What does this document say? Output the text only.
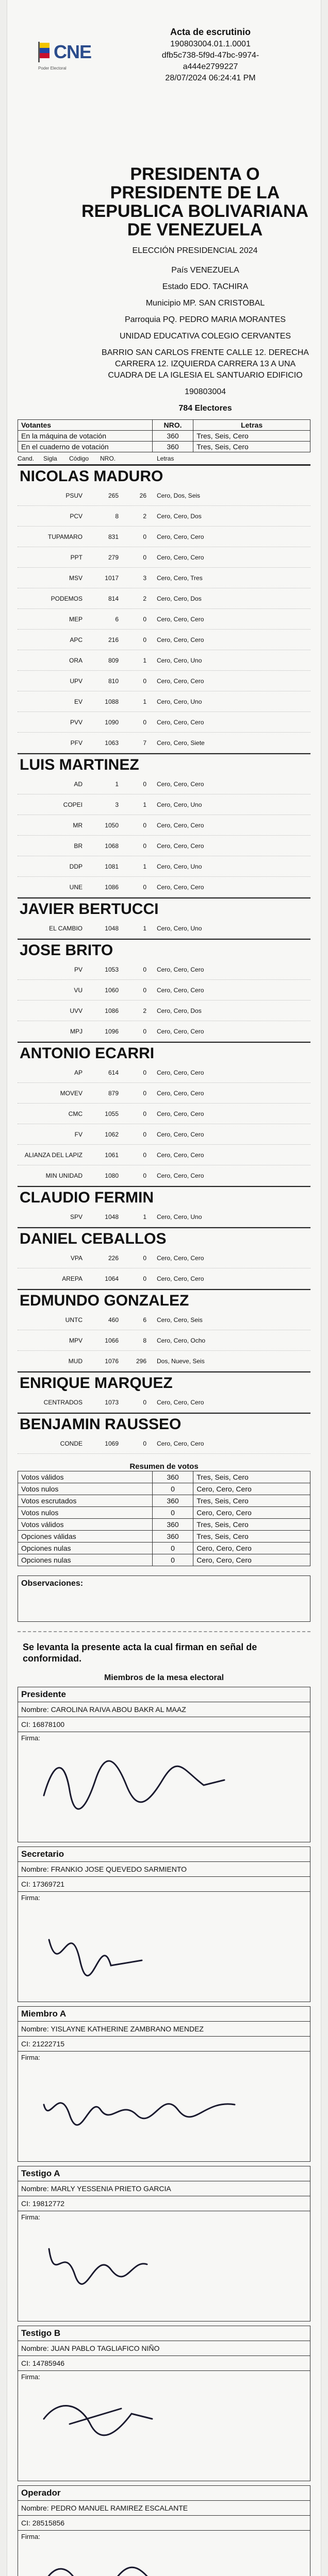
CNE
Poder Electoral
Acta de escrutinio
190803004.01.1.0001
dfb5c738-5f9d-47bc-9974-
a444e2799227
28/07/2024 06:24:41 PM
PRESIDENTA O PRESIDENTE DE LA REPUBLICA BOLIVARIANA DE VENEZUELA
ELECCIÓN PRESIDENCIAL 2024

País VENEZUELA

Estado EDO. TACHIRA

Municipio MP. SAN CRISTOBAL

Parroquia PQ. PEDRO MARIA MORANTES

UNIDAD EDUCATIVA COLEGIO CERVANTES

BARRIO SAN CARLOS FRENTE CALLE 12. DERECHA CARRERA 12. IZQUIERDA CARRERA 13 A UNA CUADRA DE LA IGLESIA EL SANTUARIO EDIFICIO

190803004

784 Electores

Votantes	NRO.	Letras
En la máquina de votación	360	Tres, Seis, Cero
En el cuaderno de votación	360	Tres, Seis, Cero
Cand.	Sigla	Código	NRO.	Letras
NICOLAS MADURO
PSUV	265	26	Cero, Dos, Seis
PCV	8	2	Cero, Cero, Dos
TUPAMARO	831	0	Cero, Cero, Cero
PPT	279	0	Cero, Cero, Cero
MSV	1017	3	Cero, Cero, Tres
PODEMOS	814	2	Cero, Cero, Dos
MEP	6	0	Cero, Cero, Cero
APC	216	0	Cero, Cero, Cero
ORA	809	1	Cero, Cero, Uno
UPV	810	0	Cero, Cero, Cero
EV	1088	1	Cero, Cero, Uno
PVV	1090	0	Cero, Cero, Cero
PFV	1063	7	Cero, Cero, Siete
LUIS MARTINEZ
AD	1	0	Cero, Cero, Cero
COPEI	3	1	Cero, Cero, Uno
MR	1050	0	Cero, Cero, Cero
BR	1068	0	Cero, Cero, Cero
DDP	1081	1	Cero, Cero, Uno
UNE	1086	0	Cero, Cero, Cero
JAVIER BERTUCCI
EL CAMBIO	1048	1	Cero, Cero, Uno
JOSE BRITO
PV	1053	0	Cero, Cero, Cero
VU	1060	0	Cero, Cero, Cero
UVV	1086	2	Cero, Cero, Dos
MPJ	1096	0	Cero, Cero, Cero
ANTONIO ECARRI
AP	614	0	Cero, Cero, Cero
MOVEV	879	0	Cero, Cero, Cero
CMC	1055	0	Cero, Cero, Cero
FV	1062	0	Cero, Cero, Cero
ALIANZA DEL LAPIZ	1061	0	Cero, Cero, Cero
MIN UNIDAD	1080	0	Cero, Cero, Cero
CLAUDIO FERMIN
SPV	1048	1	Cero, Cero, Uno
DANIEL CEBALLOS
VPA	226	0	Cero, Cero, Cero
AREPA	1064	0	Cero, Cero, Cero
EDMUNDO GONZALEZ
UNTC	460	6	Cero, Cero, Seis
MPV	1066	8	Cero, Cero, Ocho
MUD	1076	296	Dos, Nueve, Seis
ENRIQUE MARQUEZ
CENTRADOS	1073	0	Cero, Cero, Cero
BENJAMIN RAUSSEO
CONDE	1069	0	Cero, Cero, Cero
Resumen de votos
Votos válidos	360	Tres, Seis, Cero
Votos nulos	0	Cero, Cero, Cero
Votos escrutados	360	Tres, Seis, Cero
Votos nulos	0	Cero, Cero, Cero
Votos válidos	360	Tres, Seis, Cero
Opciones válidas	360	Tres, Seis, Cero
Opciones nulas	0	Cero, Cero, Cero
Opciones nulas	0	Cero, Cero, Cero
Observaciones:
Se levanta la presente acta la cual firman en señal de conformidad.
Miembros de la mesa electoral
Presidente
Nombre: CAROLINA RAIVA ABOU BAKR AL MAAZ
CI: 16878100
Firma:
Secretario
Nombre: FRANKIO JOSE QUEVEDO SARMIENTO
CI: 17369721
Firma:
Miembro A
Nombre: YISLAYNE KATHERINE ZAMBRANO MENDEZ
CI: 21222715
Firma:
Testigo A
Nombre: MARLY YESSENIA PRIETO GARCIA
CI: 19812772
Firma:
Testigo B
Nombre: JUAN PABLO TAGLIAFICO NIÑO
CI: 14785946
Firma:
Operador
Nombre: PEDRO MANUEL RAMIREZ ESCALANTE
CI: 28515856
Firma:
